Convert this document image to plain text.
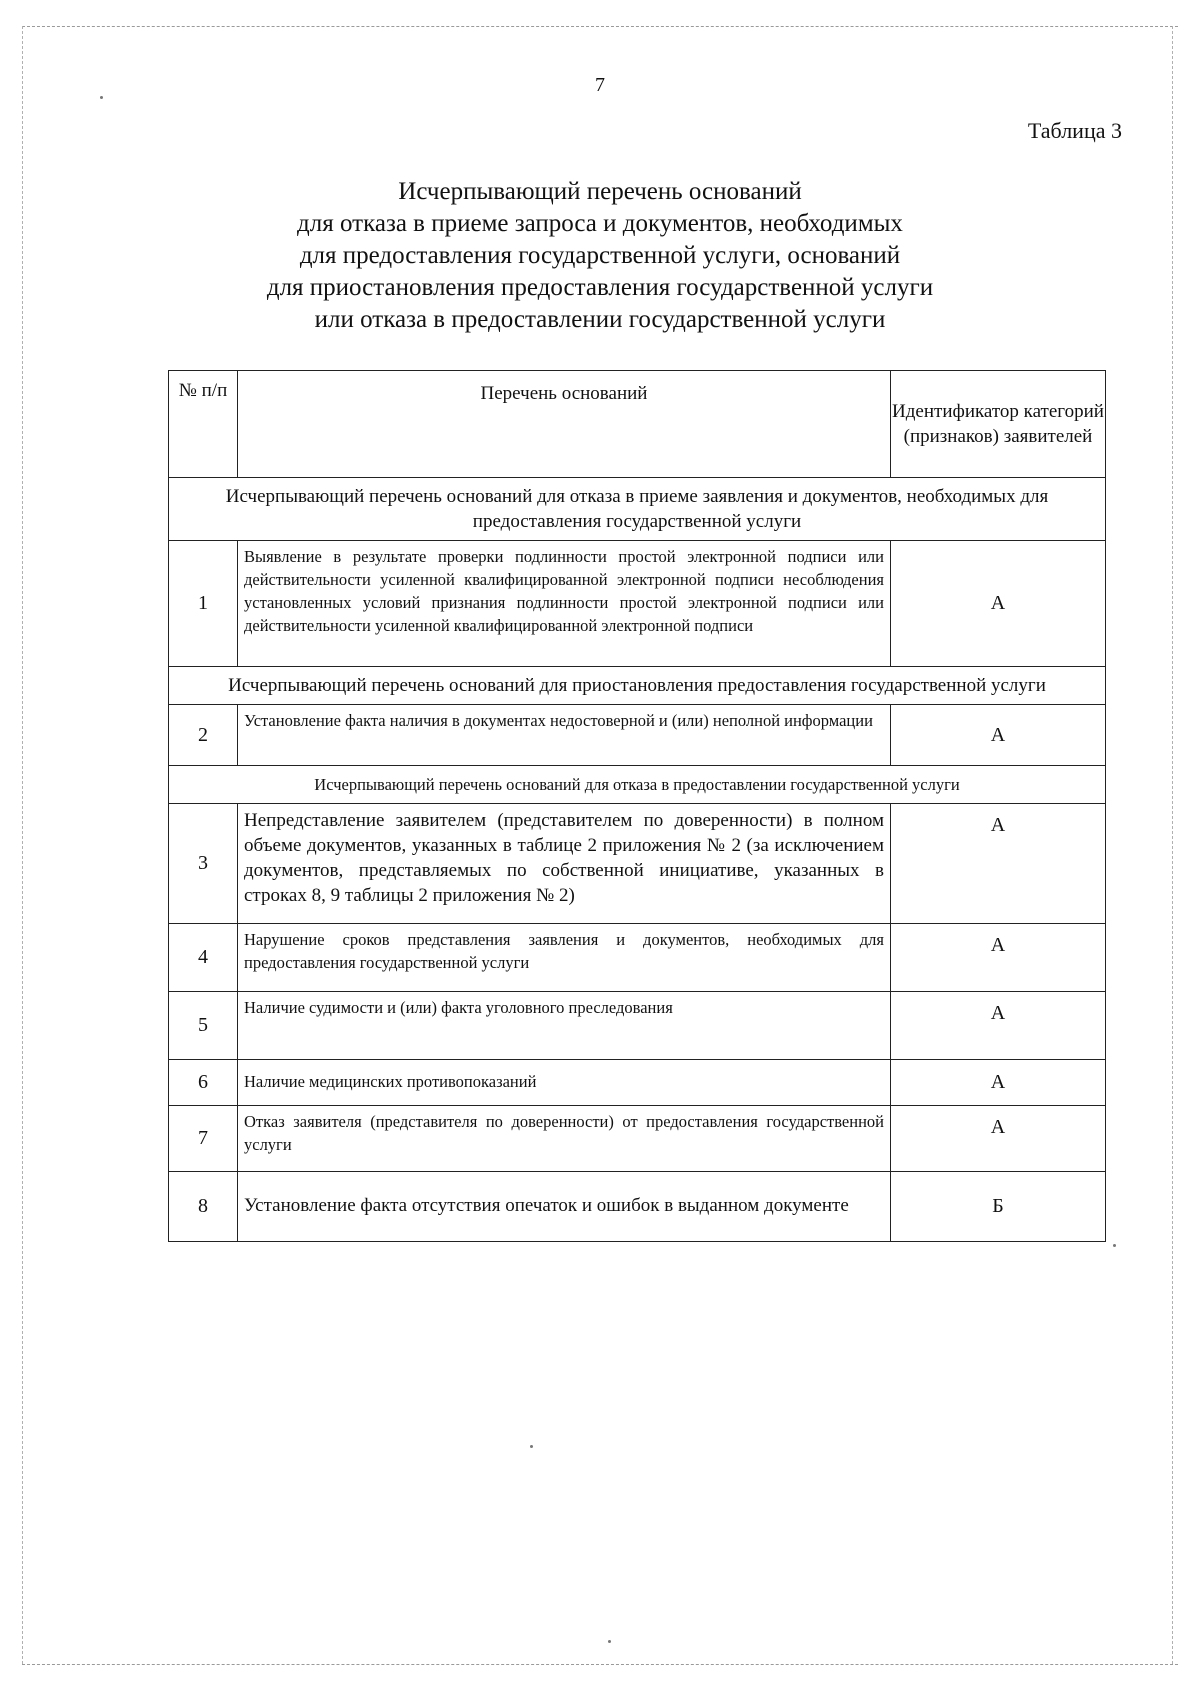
7
Таблица 3
Исчерпывающий перечень оснований
для отказа в приеме запроса и документов, необходимых
для предоставления государственной услуги, оснований
для приостановления предоставления государственной услуги
или отказа в предоставлении государственной услуги
№ п/п	Перечень оснований	Идентификатор категорий (признаков) заявителей
Исчерпывающий перечень оснований для отказа в приеме заявления и документов, необходимых для предоставления государственной услуги		
1	Выявление в результате проверки подлинности простой электронной подписи или действительности усиленной квалифицированной электронной подписи несоблюдения установленных условий признания подлинности простой электронной подписи или действительности усиленной квалифицированной электронной подписи	А
Исчерпывающий перечень оснований для приостановления предоставления государственной услуги		
2	Установление факта наличия в документах недостоверной и (или) неполной информации	А
Исчерпывающий перечень оснований для отказа в предоставлении государственной услуги		
3	Непредставление заявителем (представителем по доверенности) в полном объеме документов, указанных в таблице 2 приложения № 2 (за исключением документов, представляемых по собственной инициативе, указанных в строках 8, 9 таблицы 2 приложения № 2)	А
4	Нарушение сроков представления заявления и документов, необходимых для предоставления государственной услуги	А
5	Наличие судимости и (или) факта уголовного преследования	А
6	Наличие медицинских противопоказаний	А
7	Отказ заявителя (представителя по доверенности) от предоставления государственной услуги	А
8	Установление факта отсутствия опечаток и ошибок в выданном документе	Б
